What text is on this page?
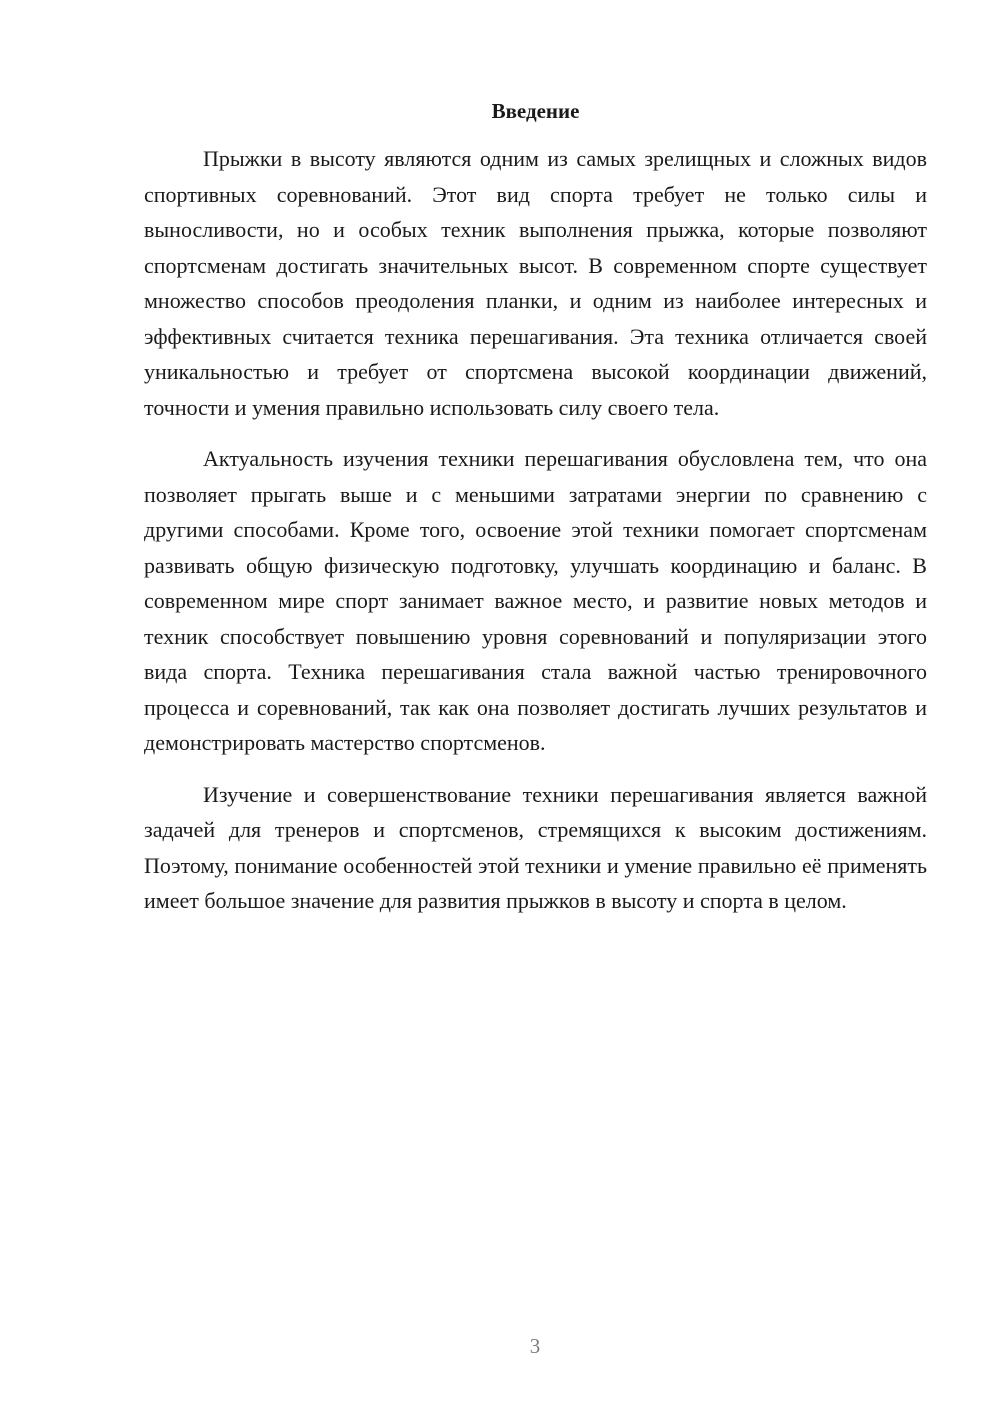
Введение

Прыжки в высоту являются одним из самых зрелищных и сложных видов спортивных соревнований. Этот вид спорта требует не только силы и выносливости, но и особых техник выполнения прыжка, которые позволяют спортсменам достигать значительных высот. В современном спорте существует множество способов преодоления планки, и одним из наиболее интересных и эффективных считается техника перешагивания. Эта техника отличается своей уникальностью и требует от спортсмена высокой координации движений, точности и умения правильно использовать силу своего тела.

Актуальность изучения техники перешагивания обусловлена тем, что она позволяет прыгать выше и с меньшими затратами энергии по сравнению с другими способами. Кроме того, освоение этой техники помогает спортсменам развивать общую физическую подготовку, улучшать координацию и баланс. В современном мире спорт занимает важное место, и развитие новых методов и техник способствует повышению уровня соревнований и популяризации этого вида спорта. Техника перешагивания стала важной частью тренировочного процесса и соревнований, так как она позволяет достигать лучших результатов и демонстрировать мастерство спортсменов.

Изучение и совершенствование техники перешагивания является важной задачей для тренеров и спортсменов, стремящихся к высоким достижениям. Поэтому, понимание особенностей этой техники и умение правильно её применять имеет большое значение для развития прыжков в высоту и спорта в целом.

3
